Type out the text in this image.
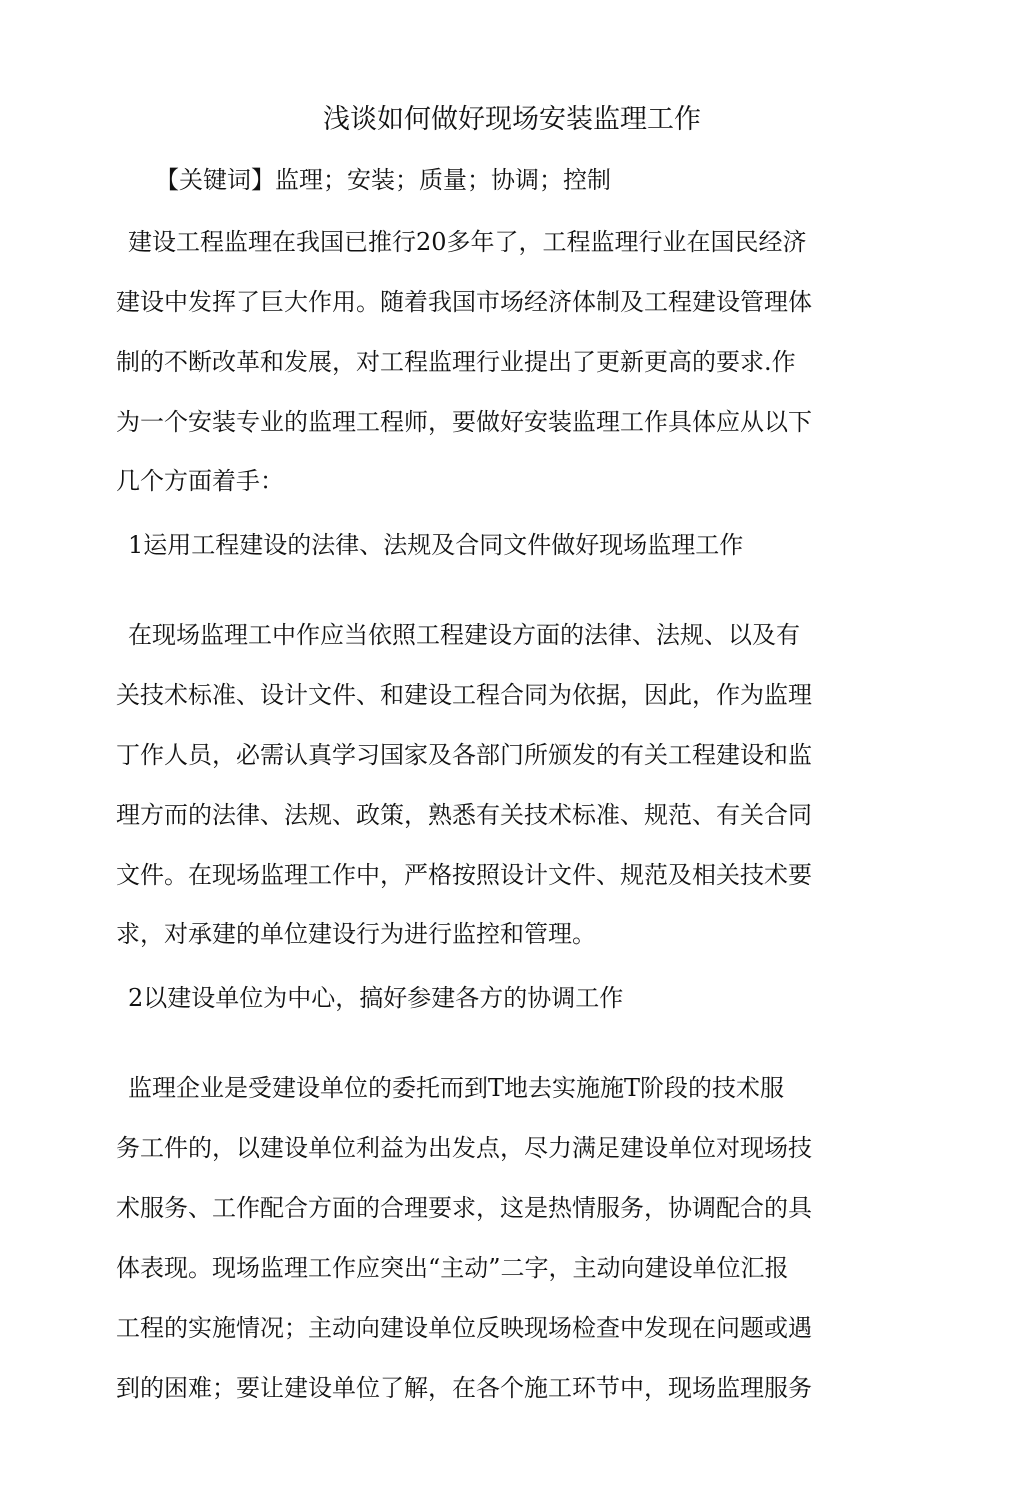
浅谈如何做好现场安装监理工作
【关键词】监理；安装；质量；协调；控制
建设工程监理在我国已推行20多年了，工程监理行业在国民经济
建设中发挥了巨大作用。随着我国市场经济体制及工程建设管理体
制的不断改革和发展，对工程监理行业提出了更新更高的要求.作
为一个安装专业的监理工程师，要做好安装监理工作具体应从以下
几个方面着手：
1运用工程建设的法律、法规及合同文件做好现场监理工作
在现场监理工中作应当依照工程建设方面的法律、法规、以及有
关技术标准、设计文件、和建设工程合同为依据，因此，作为监理
丁作人员，必需认真学习国家及各部门所颁发的有关工程建设和监
理方而的法律、法规、政策，熟悉有关技术标准、规范、有关合同
文件。在现场监理工作中，严格按照设计文件、规范及相关技术要
求，对承建的单位建设行为进行监控和管理。
2以建设单位为中心，搞好参建各方的协调工作
监理企业是受建设单位的委托而到T地去实施施T阶段的技术服
务工件的，以建设单位利益为出发点，尽力满足建设单位对现场技
术服务、工作配合方面的合理要求，这是热情服务，协调配合的具
体表现。现场监理工作应突出“主动”二字，主动向建设单位汇报
工程的实施情况；主动向建设单位反映现场检查中发现在问题或遇
到的困难；要让建设单位了解，在各个施工环节中，现场监理服务
